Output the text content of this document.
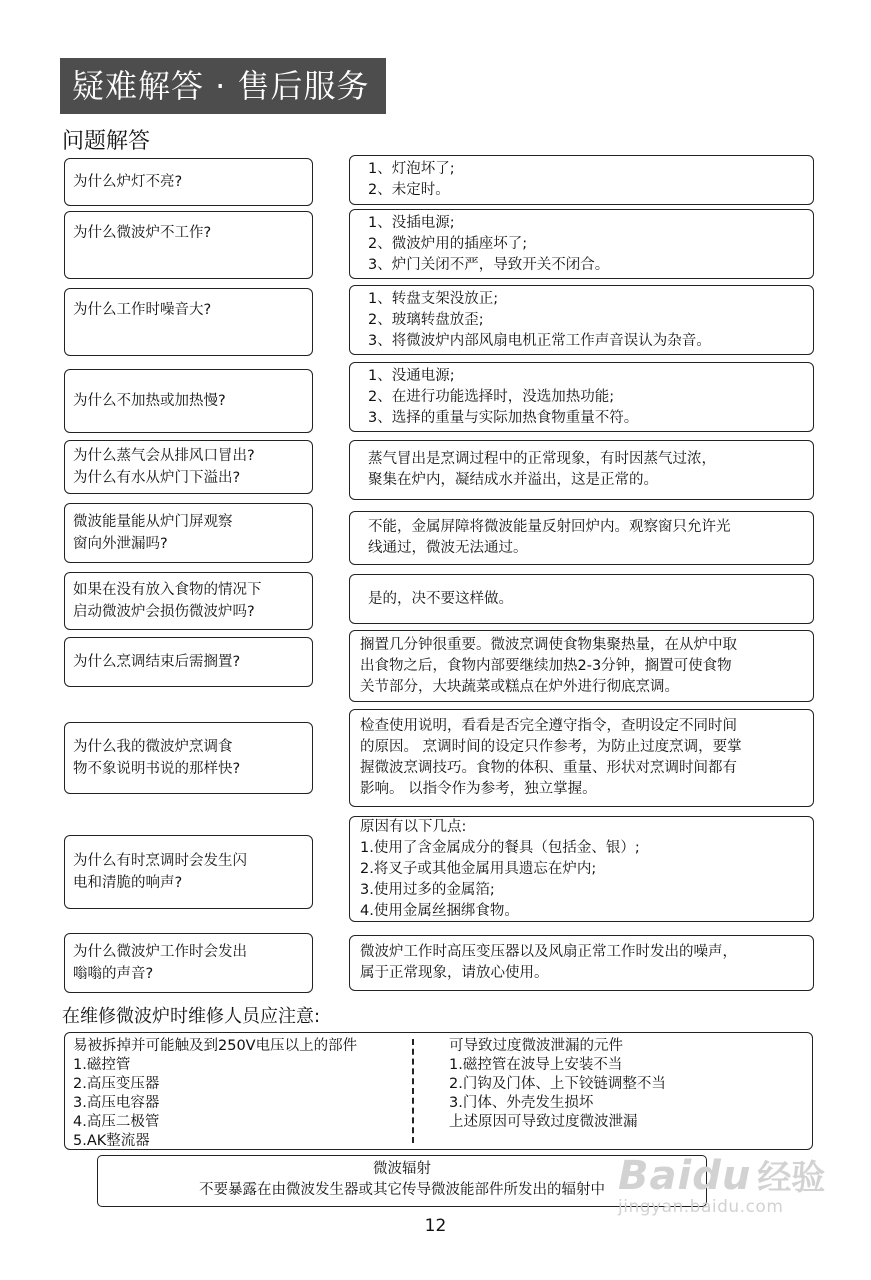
疑难解答 · 售后服务
问题解答
为什么炉灯不亮?
1、灯泡坏了;
2、未定时。
为什么微波炉不工作?
1、没插电源;
2、微波炉用的插座坏了;
3、炉门关闭不严，导致开关不闭合。
为什么工作时噪音大?
1、转盘支架没放正;
2、玻璃转盘放歪;
3、将微波炉内部风扇电机正常工作声音误认为杂音。
为什么不加热或加热慢?
1、没通电源;
2、在进行功能选择时，没选加热功能;
3、选择的重量与实际加热食物重量不符。
为什么蒸气会从排风口冒出?
为什么有水从炉门下溢出?
蒸气冒出是烹调过程中的正常现象，有时因蒸气过浓，
聚集在炉内，凝结成水并溢出，这是正常的。
微波能量能从炉门屏观察
窗向外泄漏吗?
不能，金属屏障将微波能量反射回炉内。观察窗只允许光
线通过，微波无法通过。
如果在没有放入食物的情况下
启动微波炉会损伤微波炉吗?
是的，决不要这样做。
为什么烹调结束后需搁置?
搁置几分钟很重要。微波烹调使食物集聚热量，在从炉中取
出食物之后，食物内部要继续加热2-3分钟，搁置可使食物
关节部分，大块蔬菜或糕点在炉外进行彻底烹调。
为什么我的微波炉烹调食
物不象说明书说的那样快?
检查使用说明，看看是否完全遵守指令，查明设定不同时间
的原因。 烹调时间的设定只作参考，为防止过度烹调，要掌
握微波烹调技巧。食物的体积、重量、形状对烹调时间都有
影响。 以指令作为参考，独立掌握。
为什么有时烹调时会发生闪
电和清脆的响声?
原因有以下几点:
1.使用了含金属成分的餐具（包括金、银）;
2.将叉子或其他金属用具遗忘在炉内;
3.使用过多的金属箔;
4.使用金属丝捆绑食物。
为什么微波炉工作时会发出
嗡嗡的声音?
微波炉工作时高压变压器以及风扇正常工作时发出的噪声，
属于正常现象，请放心使用。
在维修微波炉时维修人员应注意:
易被拆掉并可能触及到250V电压以上的部件
1.磁控管
2.高压变压器
3.高压电容器
4.高压二极管
5.AK整流器
可导致过度微波泄漏的元件
1.磁控管在波导上安装不当
2.门钩及门体、上下铰链调整不当
3.门体、外壳发生损坏
上述原因可导致过度微波泄漏
微波辐射
不要暴露在由微波发生器或其它传导微波能部件所发出的辐射中
12
Baidu 经验
jingyan.baidu.com
